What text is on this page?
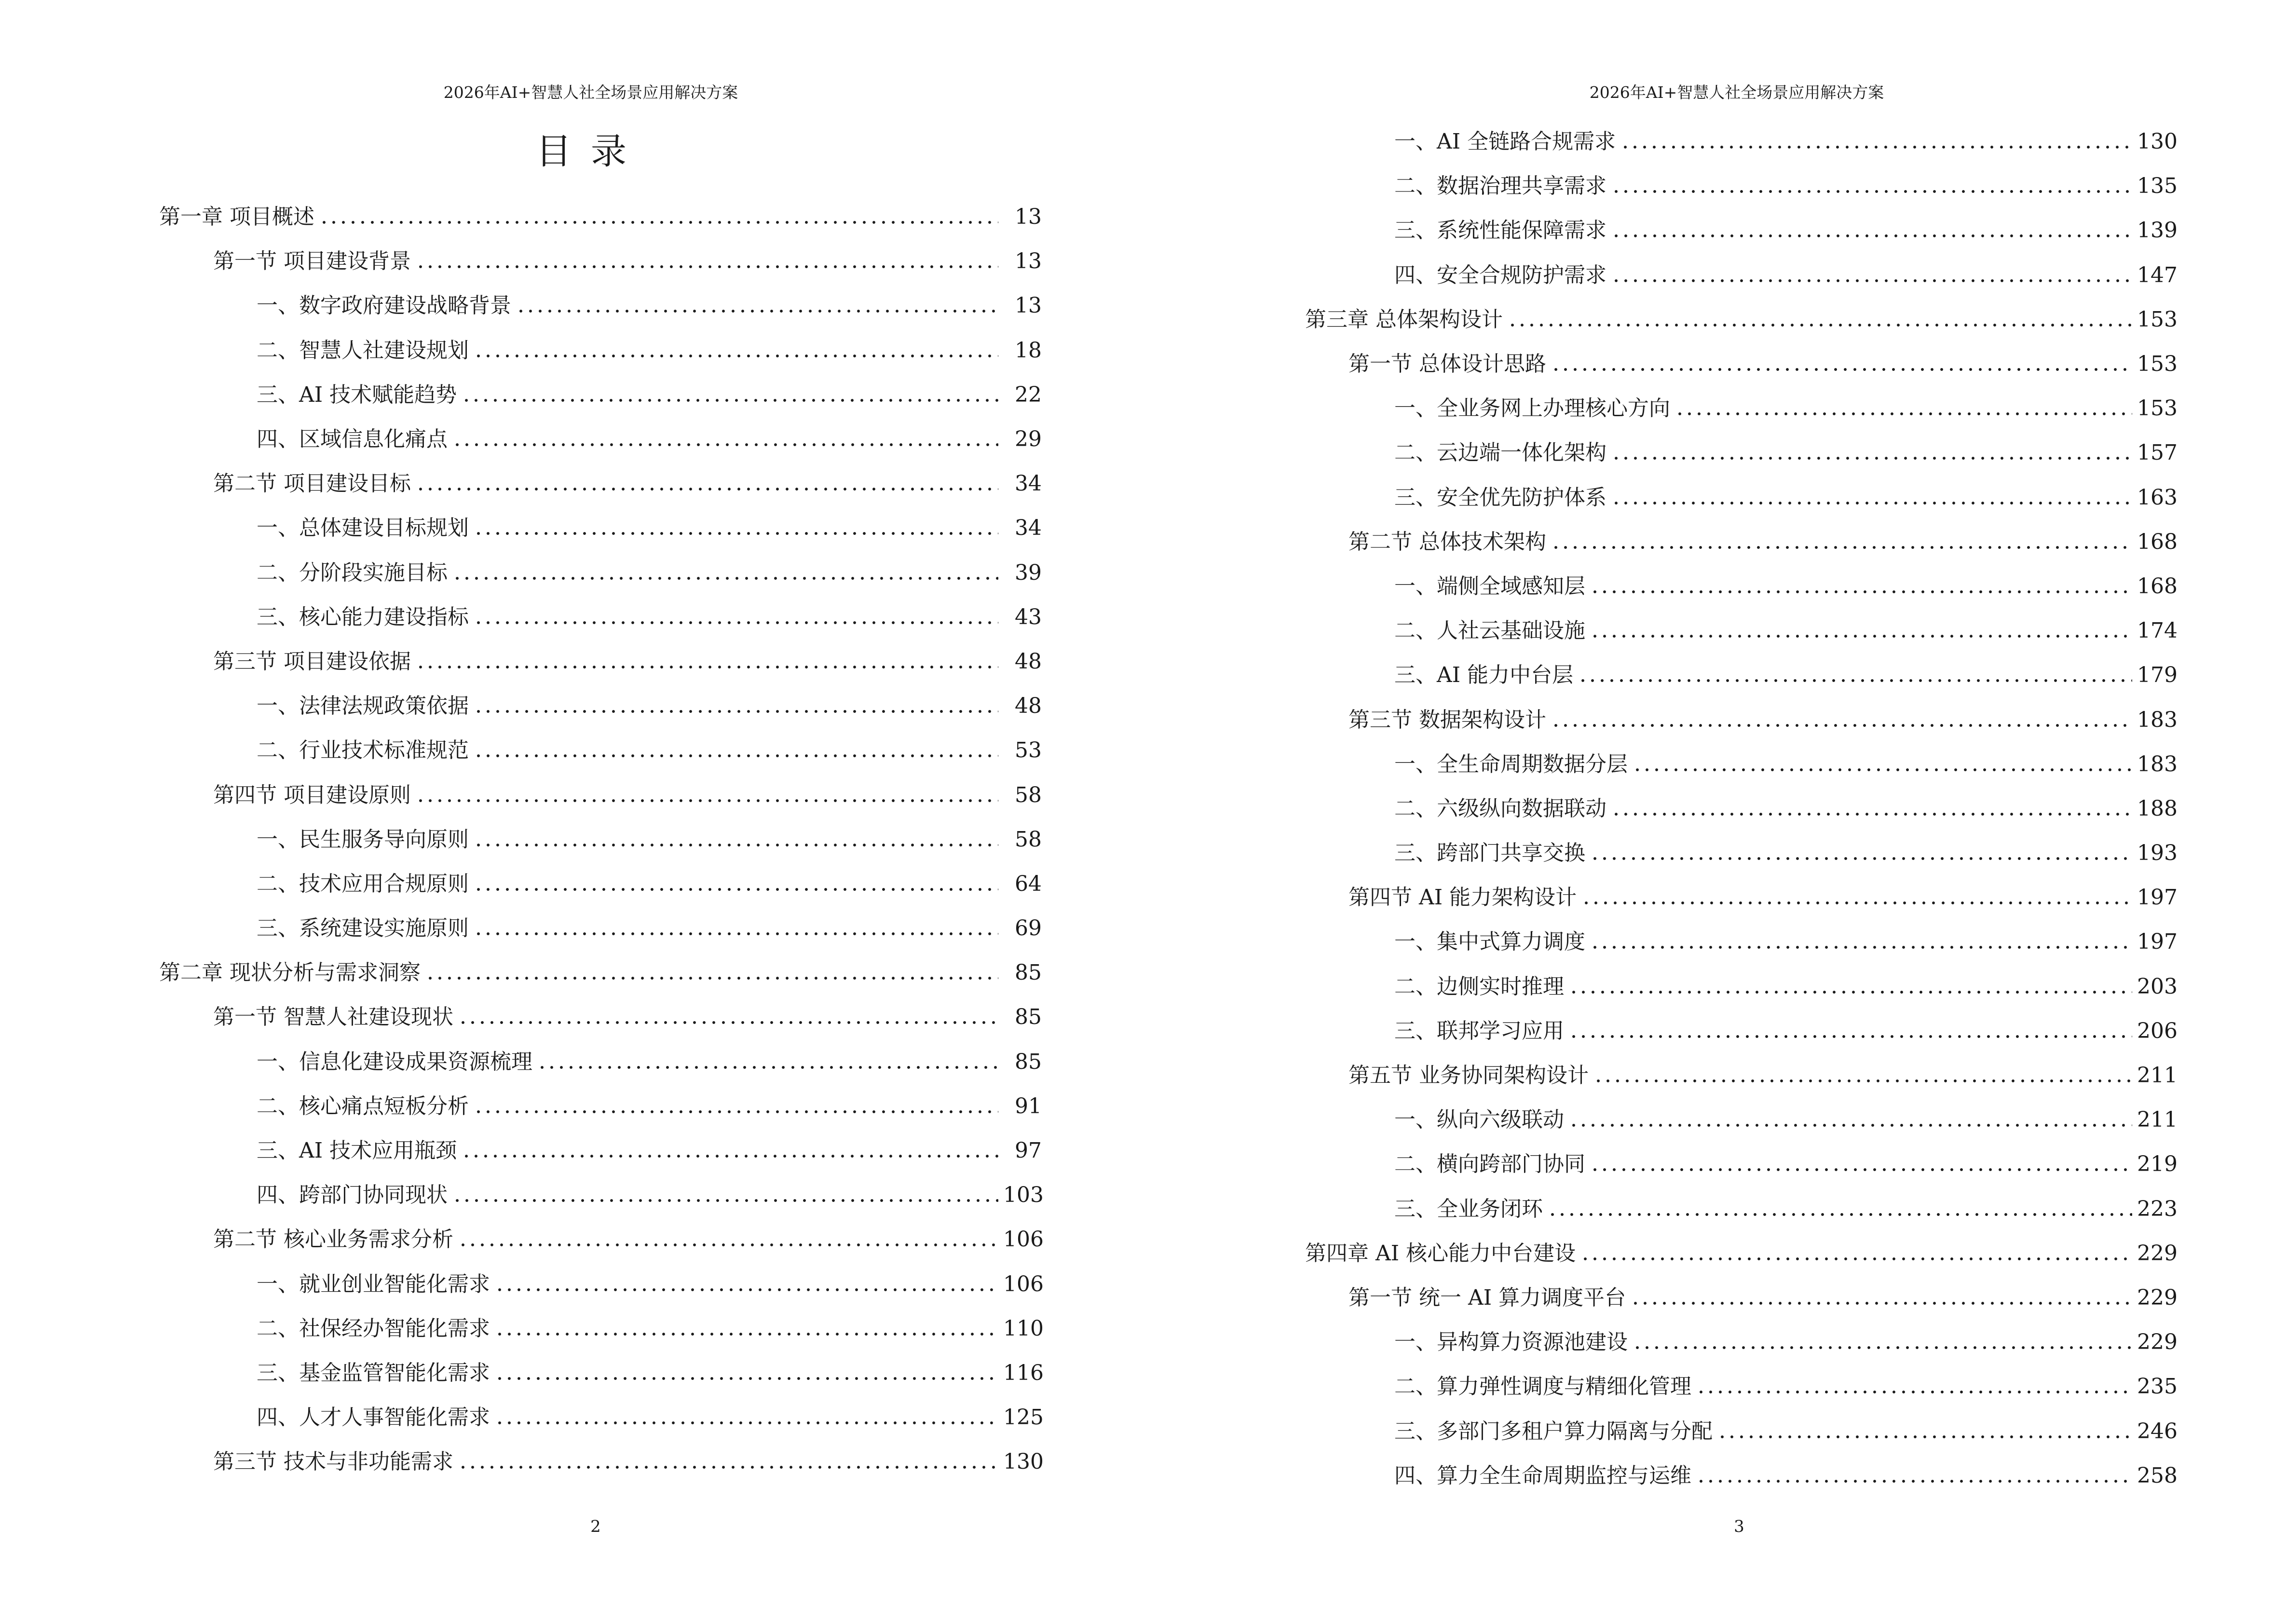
2026年AI+智慧人社全场景应用解决方案
目录
第一章 项目概述	13
第一节 项目建设背景	13
一、数字政府建设战略背景	13
二、智慧人社建设规划	18
三、AI 技术赋能趋势	22
四、区域信息化痛点	29
第二节 项目建设目标	34
一、总体建设目标规划	34
二、分阶段实施目标	39
三、核心能力建设指标	43
第三节 项目建设依据	48
一、法律法规政策依据	48
二、行业技术标准规范	53
第四节 项目建设原则	58
一、民生服务导向原则	58
二、技术应用合规原则	64
三、系统建设实施原则	69
第二章 现状分析与需求洞察	85
第一节 智慧人社建设现状	85
一、信息化建设成果资源梳理	85
二、核心痛点短板分析	91
三、AI 技术应用瓶颈	97
四、跨部门协同现状	103
第二节 核心业务需求分析	106
一、就业创业智能化需求	106
二、社保经办智能化需求	110
三、基金监管智能化需求	116
四、人才人事智能化需求	125
第三节 技术与非功能需求	130
2
2026年AI+智慧人社全场景应用解决方案
一、AI 全链路合规需求	130
二、数据治理共享需求	135
三、系统性能保障需求	139
四、安全合规防护需求	147
第三章 总体架构设计	153
第一节 总体设计思路	153
一、全业务网上办理核心方向	153
二、云边端一体化架构	157
三、安全优先防护体系	163
第二节 总体技术架构	168
一、端侧全域感知层	168
二、人社云基础设施	174
三、AI 能力中台层	179
第三节 数据架构设计	183
一、全生命周期数据分层	183
二、六级纵向数据联动	188
三、跨部门共享交换	193
第四节 AI 能力架构设计	197
一、集中式算力调度	197
二、边侧实时推理	203
三、联邦学习应用	206
第五节 业务协同架构设计	211
一、纵向六级联动	211
二、横向跨部门协同	219
三、全业务闭环	223
第四章 AI 核心能力中台建设	229
第一节 统一 AI 算力调度平台	229
一、异构算力资源池建设	229
二、算力弹性调度与精细化管理	235
三、多部门多租户算力隔离与分配	246
四、算力全生命周期监控与运维	258
3
